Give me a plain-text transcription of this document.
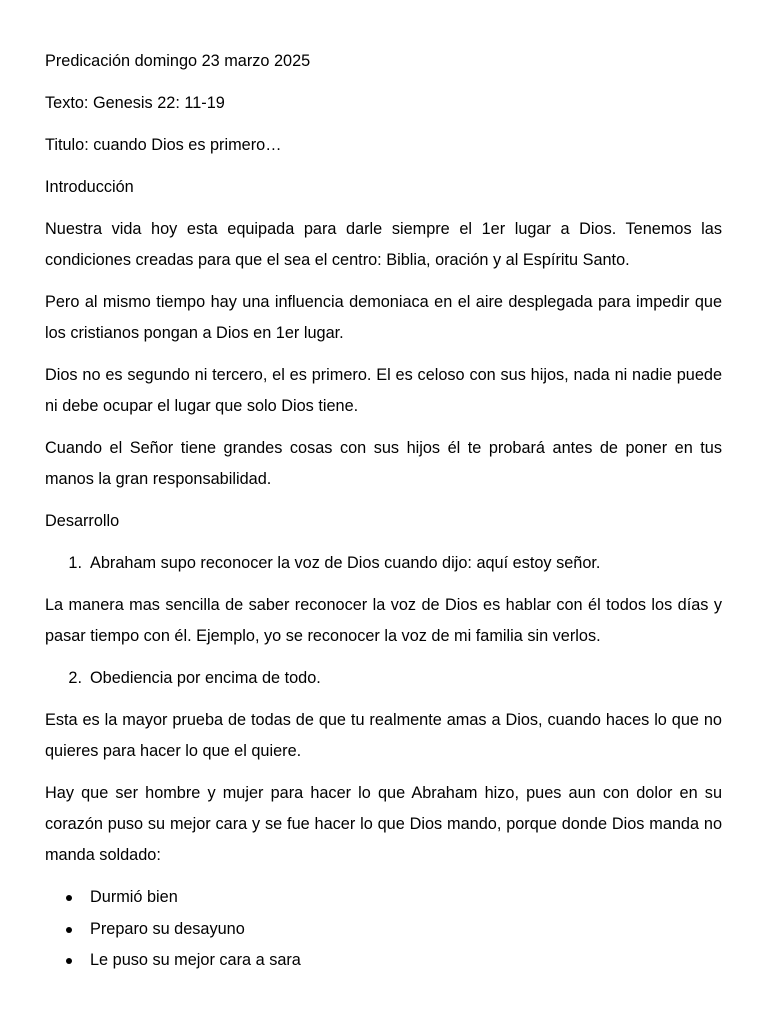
Predicación domingo 23 marzo 2025

Texto: Genesis 22: 11-19

Titulo: cuando Dios es primero…

Introducción

Nuestra vida hoy esta equipada para darle siempre el 1er lugar a Dios. Tenemos las condiciones creadas para que el sea el centro: Biblia, oración y al Espíritu Santo.

Pero al mismo tiempo hay una influencia demoniaca en el aire desplegada para impedir que los cristianos pongan a Dios en 1er lugar.

Dios no es segundo ni tercero, el es primero. El es celoso con sus hijos, nada ni nadie puede ni debe ocupar el lugar que solo Dios tiene.

Cuando el Señor tiene grandes cosas con sus hijos él te probará antes de poner en tus manos la gran responsabilidad.

Desarrollo

1. Abraham supo reconocer la voz de Dios cuando dijo: aquí estoy señor.

La manera mas sencilla de saber reconocer la voz de Dios es hablar con él todos los días y pasar tiempo con él. Ejemplo, yo se reconocer la voz de mi familia sin verlos.

2. Obediencia por encima de todo.

Esta es la mayor prueba de todas de que tu realmente amas a Dios, cuando haces lo que no quieres para hacer lo que el quiere.

Hay que ser hombre y mujer para hacer lo que Abraham hizo, pues aun con dolor en su corazón puso su mejor cara y se fue hacer lo que Dios mando, porque donde Dios manda no manda soldado:

Durmió bien
Preparo su desayuno
Le puso su mejor cara a sara
